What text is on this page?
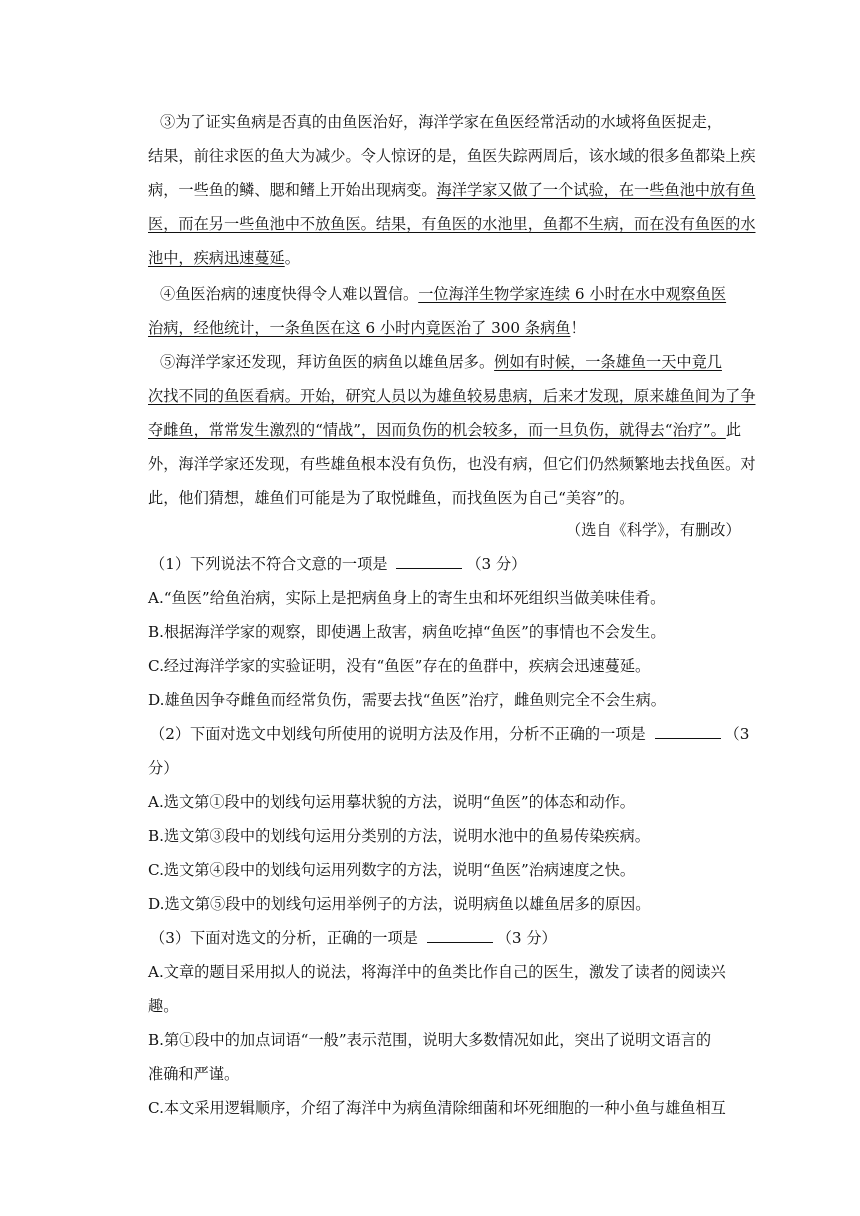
③为了证实鱼病是否真的由鱼医治好，海洋学家在鱼医经常活动的水域将鱼医捉走，
结果，前往求医的鱼大为减少。令人惊讶的是，鱼医失踪两周后，该水域的很多鱼都染上疾
病，一些鱼的鳞、腮和鳍上开始出现病变。海洋学家又做了一个试验，在一些鱼池中放有鱼
医，而在另一些鱼池中不放鱼医。结果，有鱼医的水池里，鱼都不生病，而在没有鱼医的水
池中，疾病迅速蔓延。
④鱼医治病的速度快得令人难以置信。一位海洋生物学家连续 6 小时在水中观察鱼医
治病，经他统计，一条鱼医在这 6 小时内竟医治了 300 条病鱼！
⑤海洋学家还发现，拜访鱼医的病鱼以雄鱼居多。例如有时候，一条雄鱼一天中竟几
次找不同的鱼医看病。开始，研究人员以为雄鱼较易患病，后来才发现，原来雄鱼间为了争
夺雌鱼，常常发生激烈的“情战”，因而负伤的机会较多，而一旦负伤，就得去“治疗”。此
外，海洋学家还发现，有些雄鱼根本没有负伤，也没有病，但它们仍然频繁地去找鱼医。对
此，他们猜想，雄鱼们可能是为了取悦雌鱼，而找鱼医为自己“美容”的。
（选自《科学》，有删改）
（1）下列说法不符合文意的一项是	（3 分）
A.“鱼医”给鱼治病，实际上是把病鱼身上的寄生虫和坏死组织当做美味佳肴。
B.根据海洋学家的观察，即使遇上敌害，病鱼吃掉“鱼医”的事情也不会发生。
C.经过海洋学家的实验证明，没有“鱼医”存在的鱼群中，疾病会迅速蔓延。
D.雄鱼因争夺雌鱼而经常负伤，需要去找“鱼医”治疗，雌鱼则完全不会生病。
（2）下面对选文中划线句所使用的说明方法及作用，分析不正确的一项是	（3
分）
A.选文第①段中的划线句运用摹状貌的方法，说明“鱼医”的体态和动作。
B.选文第③段中的划线句运用分类别的方法，说明水池中的鱼易传染疾病。
C.选文第④段中的划线句运用列数字的方法，说明“鱼医”治病速度之快。
D.选文第⑤段中的划线句运用举例子的方法，说明病鱼以雄鱼居多的原因。
（3）下面对选文的分析，正确的一项是	（3 分）
A.文章的题目采用拟人的说法，将海洋中的鱼类比作自己的医生，激发了读者的阅读兴
趣。
B.第①段中的加点词语“一般”表示范围，说明大多数情况如此，突出了说明文语言的
准确和严谨。
C.本文采用逻辑顺序，介绍了海洋中为病鱼清除细菌和坏死细胞的一种小鱼与雄鱼相互
